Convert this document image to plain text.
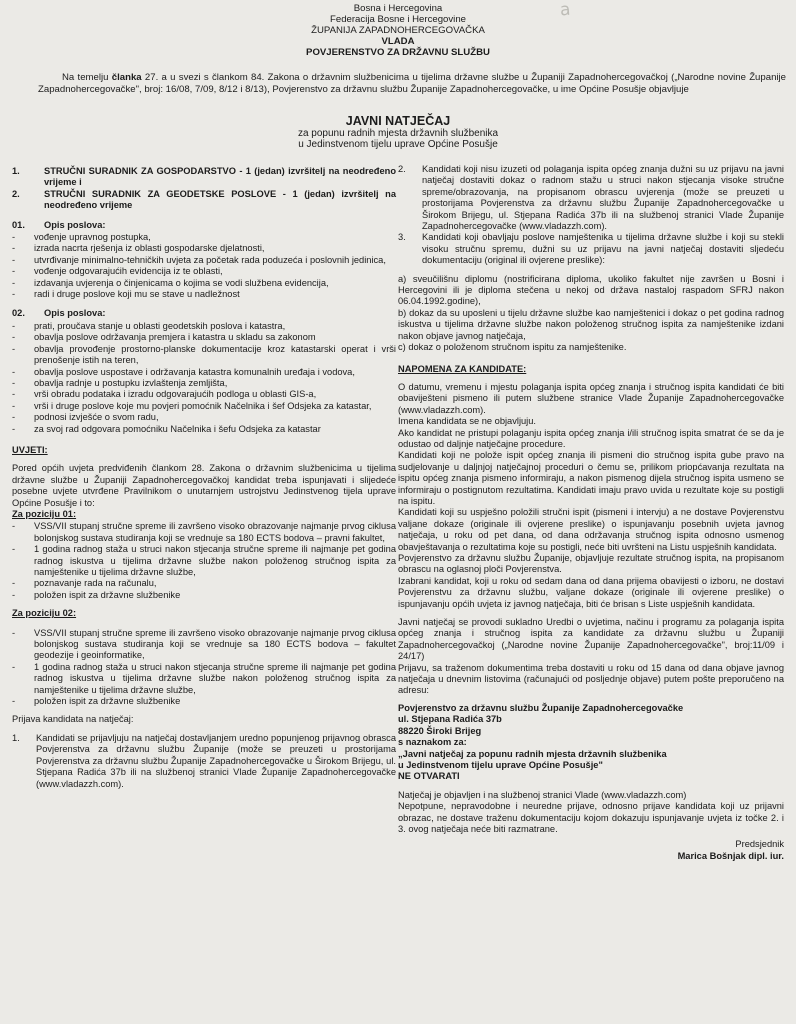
a
Bosna i Hercegovina
Federacija Bosne i Hercegovine
ŽUPANIJA ZAPADNOHERCEGOVAČKA
VLADA
POVJERENSTVO ZA DRŽAVNU SLUŽBU

Na temelju članka 27. a u svezi s člankom 84. Zakona o državnim službenicima u tijelima državne službe u Županiji Zapadnohercegovačkoj („Narodne novine Županije Zapadnohercegovačke", broj: 16/08, 7/09, 8/12 i 8/13), Povjerenstvo za državnu službu Županije Zapadnohercegovačke, u ime Općine Posušje objavljuje

JAVNI NATJEČAJ
za popunu radnih mjesta državnih službenika
u Jedinstvenom tijelu uprave Općine Posušje
1.	STRUČNI SURADNIK ZA GOSPODARSTVO - 1 (jedan) izvršitelj na neodređeno vrijeme i
2.	STRUČNI SURADNIK ZA GEODETSKE POSLOVE - 1 (jedan) izvršitelj na neodređeno vrijeme
01.	Opis poslova:
-	vođenje upravnog postupka,
-	izrada nacrta rješenja iz oblasti gospodarske djelatnosti,
-	utvrđivanje minimalno-tehničkih uvjeta za početak rada poduzeća i poslovnih jedinica,
-	vođenje odgovarajućih evidencija iz te oblasti,
-	izdavanja uvjerenja o činjenicama o kojima se vodi službena evidencija,
-	radi i druge poslove koji mu se stave u nadležnost
02.	Opis poslova:
-	prati, proučava stanje u oblasti geodetskih poslova i katastra,
-	obavlja poslove održavanja premjera i katastra u skladu sa zakonom
-	obavlja provođenje prostorno-planske dokumentacije kroz katastarski operat i vrši prenošenje istih na teren,
-	obavlja poslove uspostave i održavanja katastra komunalnih uređaja i vodova,
-	obavlja radnje u postupku izvlaštenja zemljišta,
-	vrši obradu podataka i izradu odgovarajućih podloga u oblasti GIS-a,
-	vrši i druge poslove koje mu povjeri pomoćnik Načelnika i šef Odsjeka za katastar,
-	podnosi izvješće o svom radu,
-	za svoj rad odgovara pomoćniku Načelnika i šefu Odsjeka za katastar
UVJETI:

Pored općih uvjeta predviđenih člankom 28. Zakona o državnim službenicima u tijelima državne službe u Županiji Zapadnohercegovačkoj kandidat treba ispunjavati i slijedeće posebne uvjete utvrđene Pravilnikom o unutarnjem ustrojstvu Jedinstvenog tijela uprave Općine Posušje i to:

Za poziciju 01:
-	VSS/VII stupanj stručne spreme ili završeno visoko obrazovanje najmanje prvog ciklusa bolonjskog sustava studiranja koji se vrednuje sa 180 ECTS bodova – pravni fakultet,
-	1 godina radnog staža u struci nakon stjecanja stručne spreme ili najmanje pet godina radnog iskustva u tijelima državne službe nakon položenog stručnog ispita za namještenike u tijelima državne službe,
-	poznavanje rada na računalu,
-	položen ispit za državne službenike
Za poziciju 02:
-	VSS/VII stupanj stručne spreme ili završeno visoko obrazovanje najmanje prvog ciklusa bolonjskog sustava studiranja koji se vrednuje sa 180 ECTS bodova – fakultet geodezije i geoinformatike,
-	1 godina radnog staža u struci nakon stjecanja stručne spreme ili najmanje pet godina radnog iskustva u tijelima državne službe nakon položenog stručnog ispita za namještenike u tijelima državne službe,
-	položen ispit za državne službenike

Prijava kandidata na natječaj:

1.	Kandidati se prijavljuju na natječaj dostavljanjem uredno popunjenog prijavnog obrasca Povjerenstva za državnu službu Županije (može se preuzeti u prostorijama Povjerenstva za državnu službu Županije Zapadnohercegovačke u Širokom Brijegu, ul. Stjepana Radića 37b ili na službenoj stranici Vlade Županije Zapadnohercegovačke (www.vladazzh.com).
2.	Kandidati koji nisu izuzeti od polaganja ispita općeg znanja dužni su uz prijavu na javni natječaj dostaviti dokaz o radnom stažu u struci nakon stjecanja visoke stručne spreme/obrazovanja, na propisanom obrascu uvjerenja (može se preuzeti u prostorijama Povjerenstva za državnu službu Županije Zapadnohercegovačke u Širokom Brijegu, ul. Stjepana Radića 37b ili na službenoj stranici Vlade Županije Zapadnohercegovačke (www.vladazzh.com).
3.	Kandidati koji obavljaju poslove namještenika u tijelima državne službe i koji su stekli visoku stručnu spremu, dužni su uz prijavu na javni natječaj dostaviti sljedeću dokumentaciju (original ili ovjerene preslike):

a) sveučilišnu diplomu (nostrificirana diploma, ukoliko fakultet nije završen u Bosni i Hercegovini ili je diploma stečena u nekoj od država nastaloj raspadom SFRJ nakon 06.04.1992.godine),

b) dokaz da su uposleni u tijelu državne službe kao namještenici i dokaz o pet godina radnog iskustva u tijelima državne službe nakon položenog stručnog ispita za namještenike izdani nakon objave javnog natječaja,

c) dokaz o položenom stručnom ispitu za namještenike.

NAPOMENA ZA KANDIDATE:

O datumu, vremenu i mjestu polaganja ispita općeg znanja i stručnog ispita kandidati će biti obaviješteni pismeno ili putem službene stranice Vlade Županije Zapadnohercegovačke (www.vladazzh.com).

Imena kandidata se ne objavljuju.

Ako kandidat ne pristupi polaganju ispita općeg znanja i/ili stručnog ispita smatrat će se da je odustao od daljnje natječajne procedure.

Kandidati koji ne polože ispit općeg znanja ili pismeni dio stručnog ispita gube pravo na sudjelovanje u daljnjoj natječajnoj proceduri o čemu se, prilikom priopćavanja rezultata na ispitu općeg znanja pismeno informiraju, a nakon pismenog dijela stručnog ispita usmeno se informiraju o postignutom rezultatima. Kandidati imaju pravo uvida u rezultate koje su postigli na ispitu.

Kandidati koji su uspješno položili stručni ispit (pismeni i intervju) a ne dostave Povjerenstvu valjane dokaze (originale ili ovjerene preslike) o ispunjavanju posebnih uvjeta javnog natječaja, u roku od pet dana, od dana održavanja stručnog ispita odnosno usmenog obavještavanja o rezultatima koje su postigli, neće biti uvršteni na Listu uspješnih kandidata.

Povjerenstvo za državnu službu Županije, objavljuje rezultate stručnog ispita, na propisanom obrascu na oglasnoj ploči Povjerenstva.

Izabrani kandidat, koji u roku od sedam dana od dana prijema obavijesti o izboru, ne dostavi Povjerenstvu za državnu službu, valjane dokaze (originale ili ovjerene preslike) o ispunjavanju općih uvjeta iz javnog natječaja, biti će brisan s Liste uspješnih kandidata.

Javni natječaj se provodi sukladno Uredbi o uvjetima, načinu i programu za polaganja ispita općeg znanja i stručnog ispita za kandidate za državnu službu u Županiji Zapadnohercegovačkoj („Narodne novine Županije Zapadnohercegovačke", broj:11/09 i 24/17)

Prijavu, sa traženom dokumentima treba dostaviti u roku od 15 dana od dana objave javnog natječaja u dnevnim listovima (računajući od posljednje objave) putem pošte preporučeno na adresu:

Povjerenstvo za državnu službu Županije Zapadnohercegovačke
ul. Stjepana Radića 37b
88220 Široki Brijeg
s naznakom za:
„Javni natječaj za popunu radnih mjesta državnih službenika
u Jedinstvenom tijelu uprave Općine Posušje"
NE OTVARATI

Natječaj je objavljen i na službenoj stranici Vlade (www.vladazzh.com)

Nepotpune, nepravodobne i neuredne prijave, odnosno prijave kandidata koji uz prijavni obrazac, ne dostave traženu dokumentaciju kojom dokazuju ispunjavanje uvjeta iz točke 2. i 3. ovog natječaja neće biti razmatrane.

Predsjednik
Marica Bošnjak dipl. iur.
